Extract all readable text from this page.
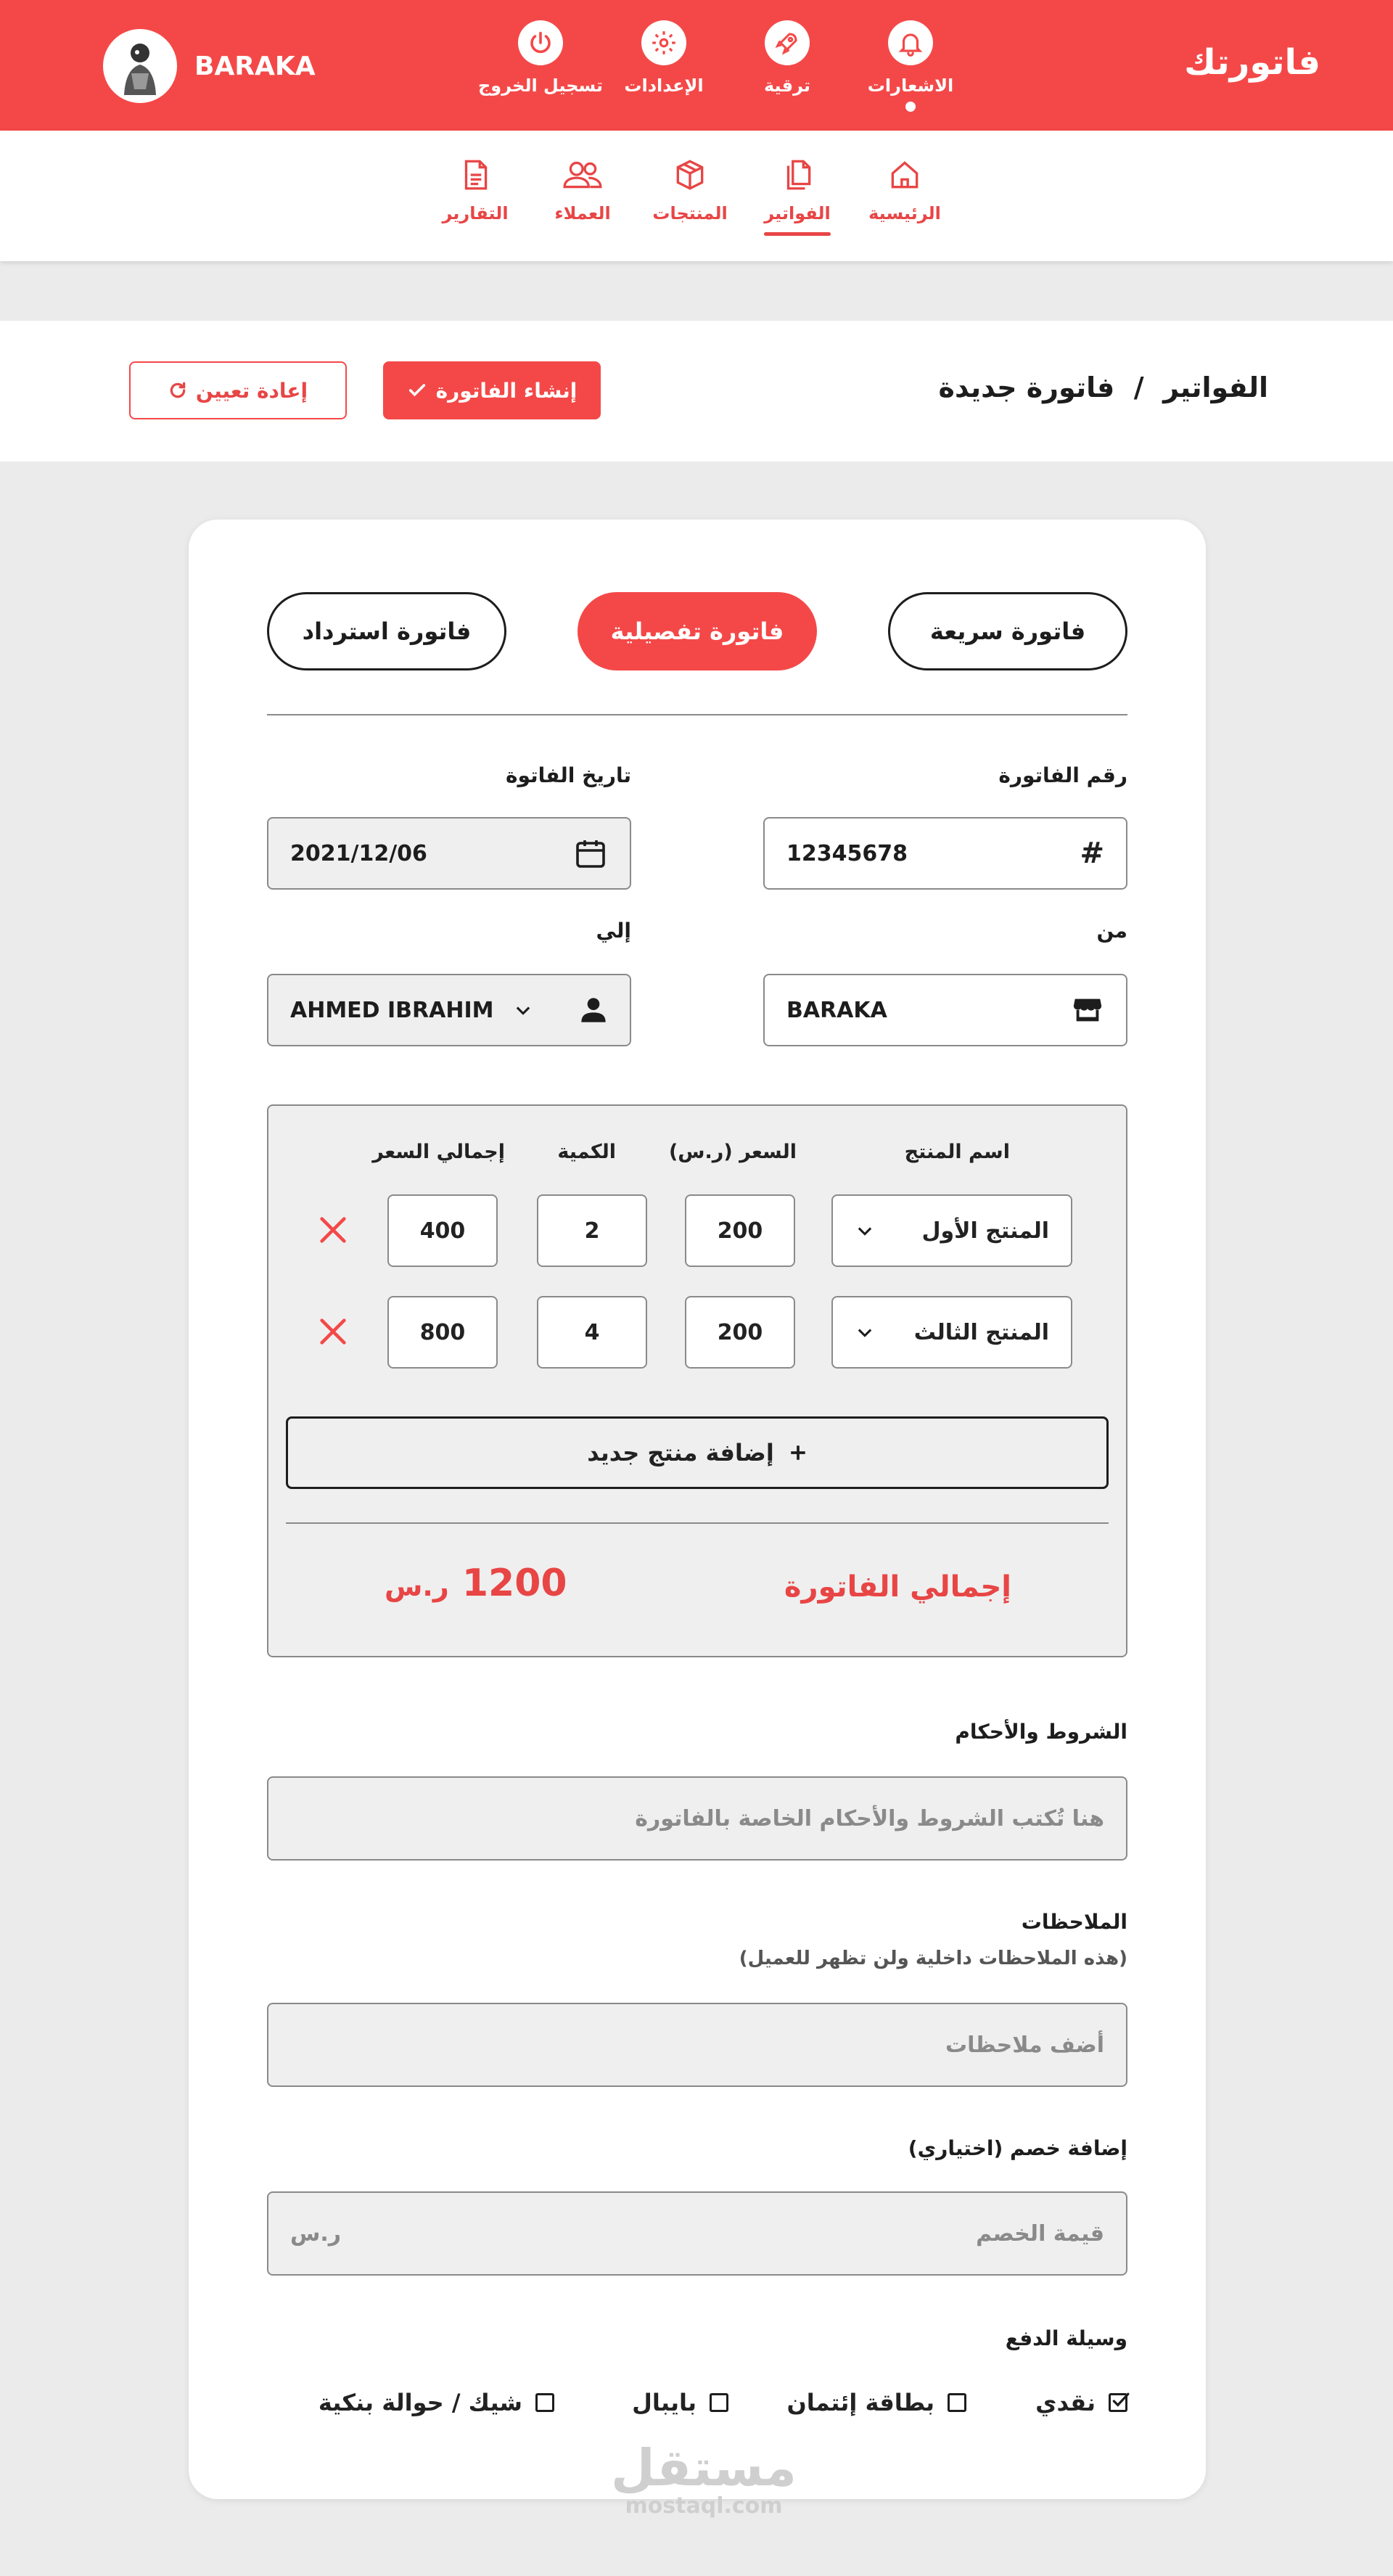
فاتورتك
BARAKA
الاشعارات
ترقية
الإعدادات
تسجيل الخروج
الرئيسية
الفواتير
المنتجات
العملاء
التقارير
الفواتير  /  فاتورة جديدة
إنشاء الفاتورة
إعادة تعيين
فاتورة سريعة
فاتورة تفصيلية
فاتورة استرداد
رقم الفاتورة
12345678	#
تاريخ الفاتوة
2021/12/06
من
BARAKA
إلي
AHMED IBRAHIM
اسم المنتج
السعر (ر.س)
الكمية
إجمالي السعر
المنتج الأول
200
2
400
المنتج الثالث
200
4
800
إضافة منتج جديد
إجمالي الفاتورة
1200 ر.س
الشروط والأحكام
هنا تُكتب الشروط والأحكام الخاصة بالفاتورة
الملاحظات
(هذه الملاحظات داخلية ولن تظهر للعميل)
أضف ملاحظات
إضافة خصم (اختياري)
قيمة الخصم
ر.س
وسيلة الدفع
نقدي
بطاقة إئتمان
بايبال
شيك / حوالة بنكية
مستقل
mostaql.com
